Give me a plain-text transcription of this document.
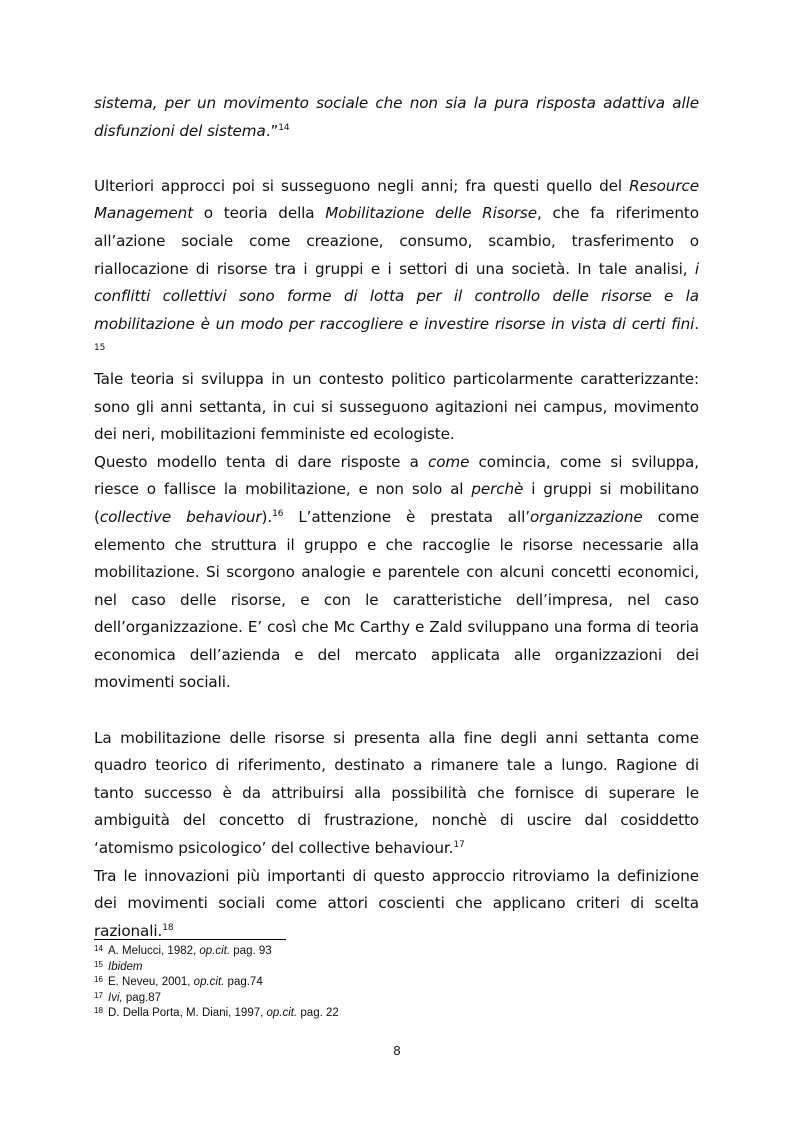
sistema, per un movimento sociale che non sia la pura risposta adattiva alle disfunzioni del sistema.”$^{14}$

Ulteriori approcci poi si susseguono negli anni; fra questi quello del Resource Management o teoria della Mobilitazione delle Risorse, che fa riferimento all’azione sociale come creazione, consumo, scambio, trasferimento o riallocazione di risorse tra i gruppi e i settori di una società. In tale analisi, i conflitti collettivi sono forme di lotta per il controllo delle risorse e la mobilitazione è un modo per raccogliere e investire risorse in vista di certi fini. $^{15}$

Tale teoria si sviluppa in un contesto politico particolarmente caratterizzante: sono gli anni settanta, in cui si susseguono agitazioni nei campus, movimento dei neri, mobilitazioni femministe ed ecologiste.

Questo modello tenta di dare risposte a come comincia, come si sviluppa, riesce o fallisce la mobilitazione, e non solo al perchè i gruppi si mobilitano (collective behaviour).$^{16}$ L’attenzione è prestata all’organizzazione come elemento che struttura il gruppo e che raccoglie le risorse necessarie alla mobilitazione. Si scorgono analogie e parentele con alcuni concetti economici, nel caso delle risorse, e con le caratteristiche dell’impresa, nel caso dell’organizzazione. E’ così che Mc Carthy e Zald sviluppano una forma di teoria economica dell’azienda e del mercato applicata alle organizzazioni dei movimenti sociali.

La mobilitazione delle risorse si presenta alla fine degli anni settanta come quadro teorico di riferimento, destinato a rimanere tale a lungo. Ragione di tanto successo è da attribuirsi alla possibilità che fornisce di superare le ambiguità del concetto di frustrazione, nonchè di uscire dal cosiddetto ‘atomismo psicologico’ del collective behaviour.$^{17}$

Tra le innovazioni più importanti di questo approccio ritroviamo la definizione dei movimenti sociali come attori coscienti che applicano criteri di scelta razionali.$^{18}$

$^{14}$ A. Melucci, 1982, op.cit. pag. 93
$^{15}$ Ibidem
$^{16}$ E. Neveu, 2001, op.cit. pag.74
$^{17}$ Ivi, pag.87
$^{18}$ D. Della Porta, M. Diani, 1997, op.cit. pag. 22
8
